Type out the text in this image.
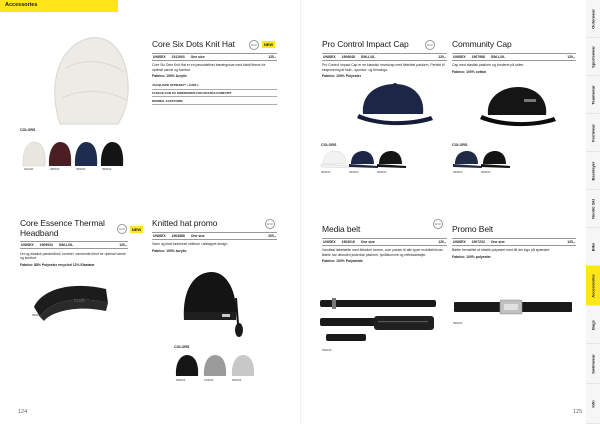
Accessories
Core Six Dots Knit Hat
UNISEX 1911903 One size	125,-
Core Six Dots Knit Hat er en pasundelinet træningshue med blødt fleece for optimal varme og komfort.
Fabrics: 100% Acrylic
JACQUARD STRIKKET* + KNIT L
FLEECE FOR PÅ INDERSIDEN FOR EKSTRA KOMFORT
NORMAL FASTFORM
ECO	NEW
COLORS
911000	485000	396000	999000
Pro Control Impact Cap
UNISEX 1906648 S/M-L/XL	120,-
Pro Control Impact Cap er en klassisk hovedcap med fleksibel pasform. Perfekt til eksponering af klub-, sponsor- og firmalogo.
Fabrics: 100% Polyester
ECO
COLORS
900000	390000	999000
Community Cap
UNISEX 1907988 S/M-L/XL	120,-
Cap med elastisk pasform og broderet på siden.
Fabrics: 100% cotton
COLORS
396000	999000
Core Essence Thermal Headband
UNISEX 1909933 S/M-L/XL	120,-
Let og elastisk pandebånd i komfort, varmende trikot for optimal varme og komfort.
Fabrics: 88% Polyester recycled 12% Elastane
ECO	NEW
craft
999000
Knitted hat promo
UNISEX 1904886 One size	200,-
Varm og klad funktionel strikhue i afslappet design.
Fabrics: 100% acrylic
ECO
COLORS
999000	970000	950000
Media belt
UNISEX 1903016 One size	120,-
Vandfast løbebælte med fleksibel lomme, som passer til alle typer mobiltelefoner. Bælte har desuden justerbar pasform, lynlåslomme og refleksdetaljer.
Fabrics: 100% Polyamide
ECO
999000
Promo Belt
UNISEX 1907232 One size	125,-
Bælte fremstillet af elastik polyester med tilt det logo på spændet.
Fabrics: 100% polyester
999000
124	125
Outerwear
Sportswear
Teamwear
Footwear
Baselayer
Nordic Ski
Bike
Accessories
Bags
Swimwear
Info
